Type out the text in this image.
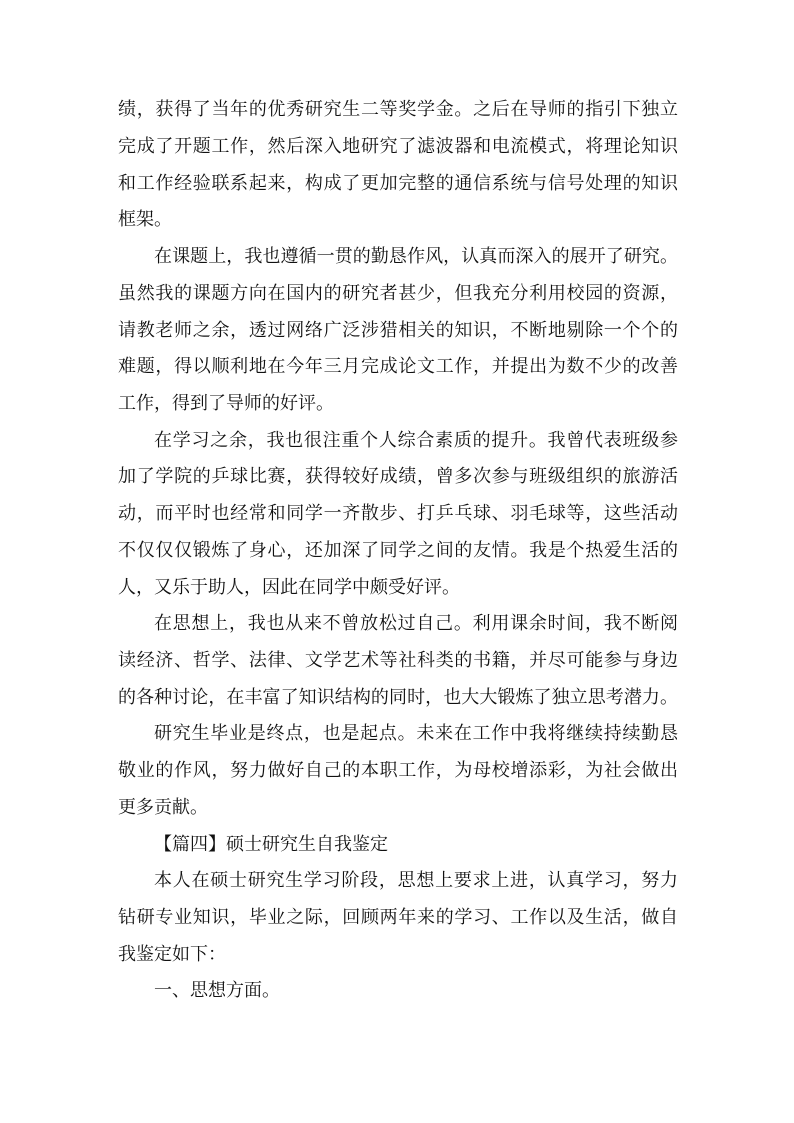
绩，获得了当年的优秀研究生二等奖学金。之后在导师的指引下独立
完成了开题工作，然后深入地研究了滤波器和电流模式，将理论知识
和工作经验联系起来，构成了更加完整的通信系统与信号处理的知识
框架。
在课题上，我也遵循一贯的勤恳作风，认真而深入的展开了研究。
虽然我的课题方向在国内的研究者甚少，但我充分利用校园的资源，
请教老师之余，透过网络广泛涉猎相关的知识，不断地剔除一个个的
难题，得以顺利地在今年三月完成论文工作，并提出为数不少的改善
工作，得到了导师的好评。
在学习之余，我也很注重个人综合素质的提升。我曾代表班级参
加了学院的乒球比赛，获得较好成绩，曾多次参与班级组织的旅游活
动，而平时也经常和同学一齐散步、打乒乓球、羽毛球等，这些活动
不仅仅仅锻炼了身心，还加深了同学之间的友情。我是个热爱生活的
人，又乐于助人，因此在同学中颇受好评。
在思想上，我也从来不曾放松过自己。利用课余时间，我不断阅
读经济、哲学、法律、文学艺术等社科类的书籍，并尽可能参与身边
的各种讨论，在丰富了知识结构的同时，也大大锻炼了独立思考潜力。
研究生毕业是终点，也是起点。未来在工作中我将继续持续勤恳
敬业的作风，努力做好自己的本职工作，为母校增添彩，为社会做出
更多贡献。
【篇四】硕士研究生自我鉴定
本人在硕士研究生学习阶段，思想上要求上进，认真学习，努力
钻研专业知识，毕业之际，回顾两年来的学习、工作以及生活，做自
我鉴定如下：
一、思想方面。
